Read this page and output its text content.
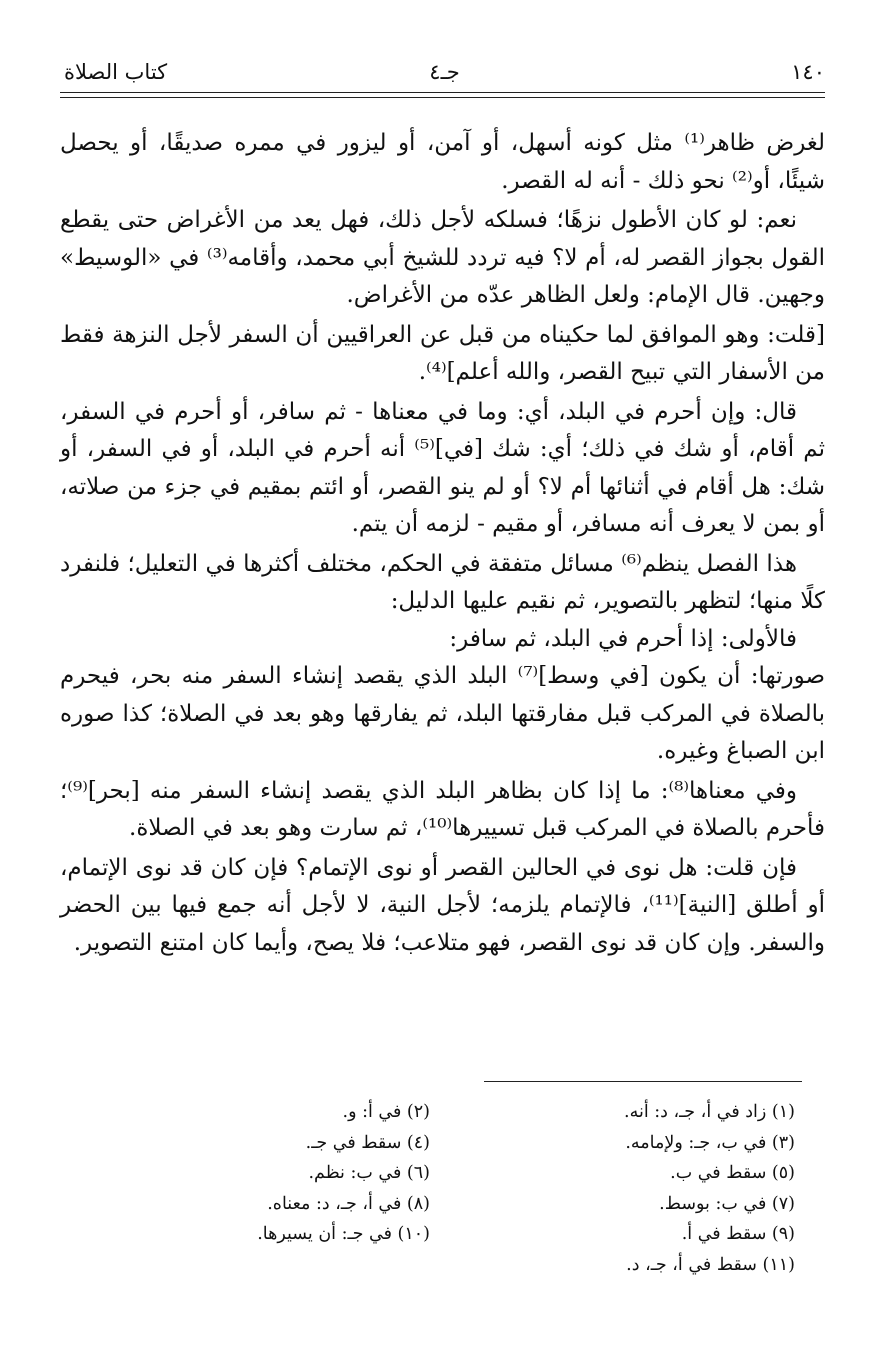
١٤٠
جـ٤
كتاب الصلاة

لغرض ظاهر⁽¹⁾ مثل كونه أسهل، أو آمن، أو ليزور في ممره صديقًا، أو يحصل شيئًا، أو⁽²⁾ نحو ذلك - أنه له القصر.

نعم: لو كان الأطول نزهًا؛ فسلكه لأجل ذلك، فهل يعد من الأغراض حتى يقطع القول بجواز القصر له، أم لا؟ فيه تردد للشيخ أبي محمد، وأقامه⁽³⁾ في «الوسيط» وجهين. قال الإمام: ولعل الظاهر عدّه من الأغراض.

[قلت: وهو الموافق لما حكيناه من قبل عن العراقيين أن السفر لأجل النزهة فقط من الأسفار التي تبيح القصر، والله أعلم]⁽⁴⁾.

قال: وإن أحرم في البلد، أي: وما في معناها - ثم سافر، أو أحرم في السفر، ثم أقام، أو شك في ذلك؛ أي: شك [في]⁽⁵⁾ أنه أحرم في البلد، أو في السفر، أو شك: هل أقام في أثنائها أم لا؟ أو لم ينو القصر، أو ائتم بمقيم في جزء من صلاته، أو بمن لا يعرف أنه مسافر، أو مقيم - لزمه أن يتم.

هذا الفصل ينظم⁽⁶⁾ مسائل متفقة في الحكم، مختلف أكثرها في التعليل؛ فلنفرد كلًا منها؛ لتظهر بالتصوير، ثم نقيم عليها الدليل:

فالأولى: إذا أحرم في البلد، ثم سافر:

صورتها: أن يكون [في وسط]⁽⁷⁾ البلد الذي يقصد إنشاء السفر منه بحر، فيحرم بالصلاة في المركب قبل مفارقتها البلد، ثم يفارقها وهو بعد في الصلاة؛ كذا صوره ابن الصباغ وغيره.

وفي معناها⁽⁸⁾: ما إذا كان بظاهر البلد الذي يقصد إنشاء السفر منه [بحر]⁽⁹⁾؛ فأحرم بالصلاة في المركب قبل تسييرها⁽¹⁰⁾، ثم سارت وهو بعد في الصلاة.

فإن قلت: هل نوى في الحالين القصر أو نوى الإتمام؟ فإن كان قد نوى الإتمام، أو أطلق [النية]⁽¹¹⁾، فالإتمام يلزمه؛ لأجل النية، لا لأجل أنه جمع فيها بين الحضر والسفر. وإن كان قد نوى القصر، فهو متلاعب؛ فلا يصح، وأيما كان امتنع التصوير.

(١) زاد في أ، جـ، د: أنه.
(٣) في ب، جـ: ولإمامه.
(٥) سقط في ب.
(٧) في ب: بوسط.
(٩) سقط في أ.
(١١) سقط في أ، جـ، د.
(٢) في أ: و.
(٤) سقط في جـ.
(٦) في ب: نظم.
(٨) في أ، جـ، د: معناه.
(١٠) في جـ: أن يسيرها.
